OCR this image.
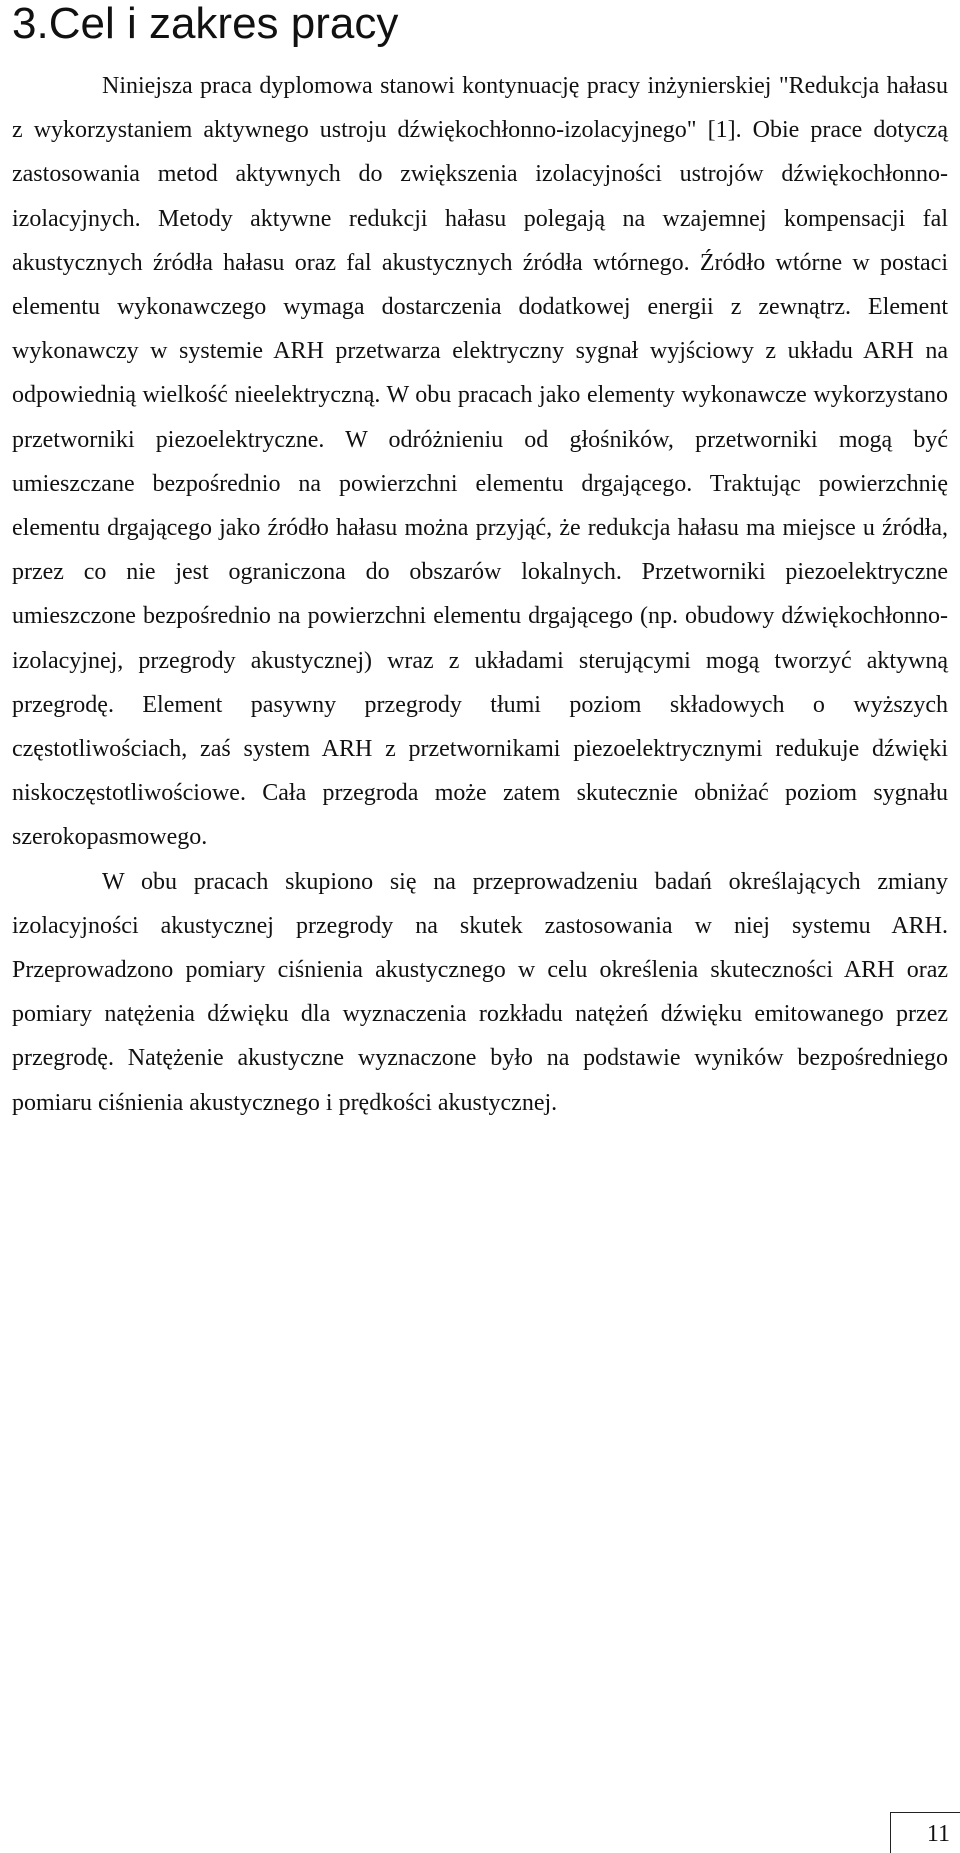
3.Cel i zakres pracy

Niniejsza praca dyplomowa stanowi kontynuację pracy inżynierskiej "Redukcja hałasu z wykorzystaniem aktywnego ustroju dźwiękochłonno-izolacyjnego" [1]. Obie prace dotyczą zastosowania metod aktywnych do zwiększenia izolacyjności ustrojów dźwiękochłonno-izolacyjnych. Metody aktywne redukcji hałasu polegają na wzajemnej kompensacji fal akustycznych źródła hałasu oraz fal akustycznych źródła wtórnego. Źródło wtórne w postaci elementu wykonawczego wymaga dostarczenia dodatkowej energii z zewnątrz. Element wykonawczy w systemie ARH przetwarza elektryczny sygnał wyjściowy z układu ARH na odpowiednią wielkość nieelektryczną. W obu pracach jako elementy wykonawcze wykorzystano przetworniki piezoelektryczne. W odróżnieniu od głośników, przetworniki mogą być umieszczane bezpośrednio na powierzchni elementu drgającego. Traktując powierzchnię elementu drgającego jako źródło hałasu można przyjąć, że redukcja hałasu ma miejsce u źródła, przez co nie jest ograniczona do obszarów lokalnych. Przetworniki piezoelektryczne umieszczone bezpośrednio na powierzchni elementu drgającego (np. obudowy dźwiękochłonno-izolacyjnej, przegrody akustycznej) wraz z układami sterującymi mogą tworzyć aktywną przegrodę. Element pasywny przegrody tłumi poziom składowych o wyższych częstotliwościach, zaś system ARH z przetwornikami piezoelektrycznymi redukuje dźwięki niskoczęstotliwościowe. Cała przegroda może zatem skutecznie obniżać poziom sygnału szerokopasmowego.

W obu pracach skupiono się na przeprowadzeniu badań określających zmiany izolacyjności akustycznej przegrody na skutek zastosowania w niej systemu ARH. Przeprowadzono pomiary ciśnienia akustycznego w celu określenia skuteczności ARH oraz pomiary natężenia dźwięku dla wyznaczenia rozkładu natężeń dźwięku emitowanego przez przegrodę. Natężenie akustyczne wyznaczone było na podstawie wyników bezpośredniego pomiaru ciśnienia akustycznego i prędkości akustycznej.

11
